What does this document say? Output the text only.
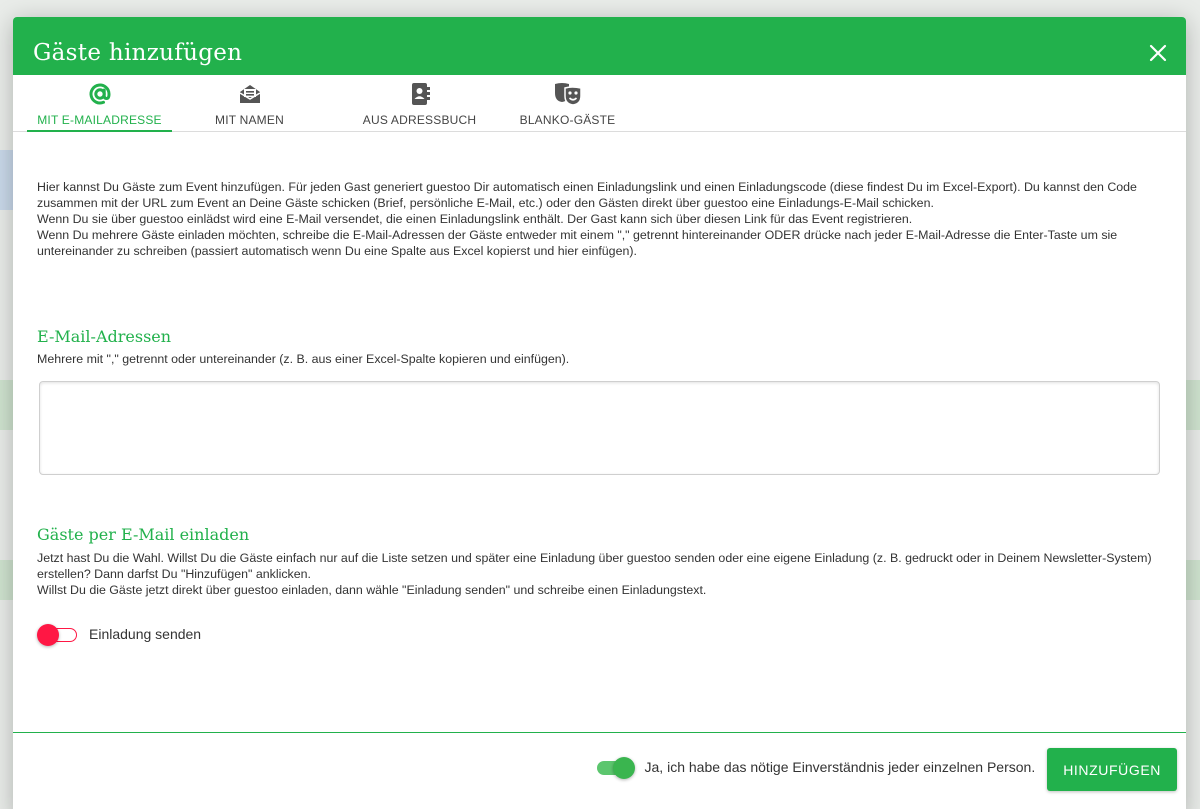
Gäste hinzufügen
MIT E-MAILADRESSE	MIT NAMEN	AUS ADRESSBUCH	BLANKO-GÄSTE

Hier kannst Du Gäste zum Event hinzufügen. Für jeden Gast generiert guestoo Dir automatisch einen Einladungslink und einen Einladungscode (diese findest Du im Excel-Export). Du kannst den Code zusammen mit der URL zum Event an Deine Gäste schicken (Brief, persönliche E-Mail, etc.) oder den Gästen direkt über guestoo eine Einladungs-E-Mail schicken.

Wenn Du sie über guestoo einlädst wird eine E-Mail versendet, die einen Einladungslink enthält. Der Gast kann sich über diesen Link für das Event registrieren.

Wenn Du mehrere Gäste einladen möchten, schreibe die E-Mail-Adressen der Gäste entweder mit einem "," getrennt hintereinander ODER drücke nach jeder E-Mail-Adresse die Enter-Taste um sie untereinander zu schreiben (passiert automatisch wenn Du eine Spalte aus Excel kopierst und hier einfügen).

E-Mail-Adressen
Mehrere mit "," getrennt oder untereinander (z. B. aus einer Excel-Spalte kopieren und einfügen).
Gäste per E-Mail einladen

Jetzt hast Du die Wahl. Willst Du die Gäste einfach nur auf die Liste setzen und später eine Einladung über guestoo senden oder eine eigene Einladung (z. B. gedruckt oder in Deinem Newsletter-System) erstellen? Dann darfst Du "Hinzufügen" anklicken.

Willst Du die Gäste jetzt direkt über guestoo einladen, dann wähle "Einladung senden" und schreibe einen Einladungstext.

Einladung senden
Ja, ich habe das nötige Einverständnis jeder einzelnen Person.	HINZUFÜGEN
